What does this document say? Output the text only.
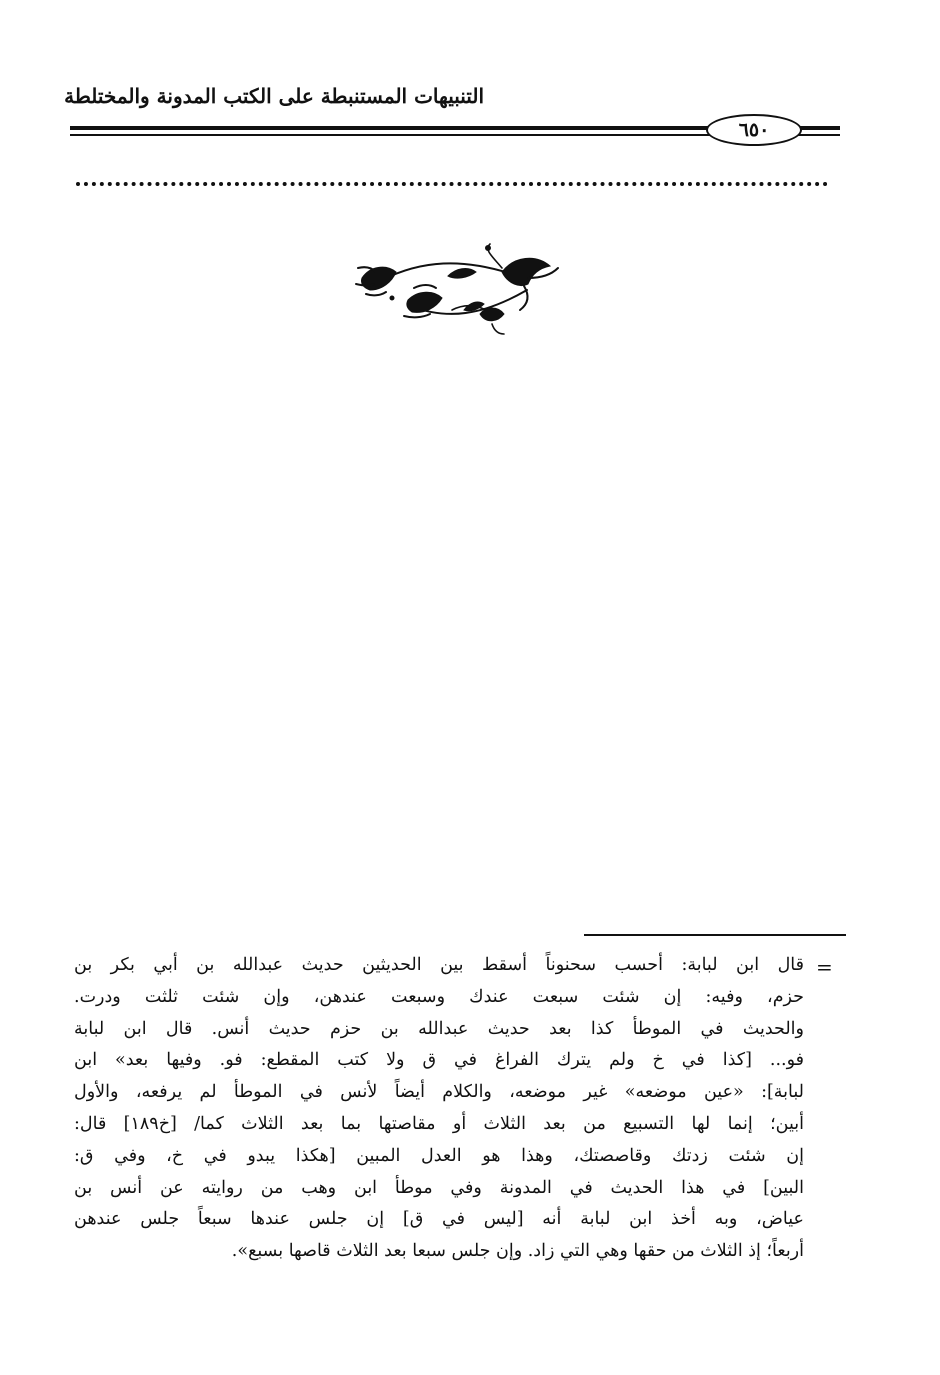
التنبيهات المستنبطة على الكتب المدونة والمختلطة
٦٥٠
=

قال ابن لبابة: أحسب سحنوناً أسقط بين الحديثين حديث عبدالله بن أبي بكر بن

حزم، وفيه: إن شئت سبعت عندك وسبعت عندهن، وإن شئت ثلثت ودرت.

والحديث في الموطأ كذا بعد حديث عبدالله بن حزم حديث أنس. قال ابن لبابة

فو... [كذا في خ ولم يترك الفراغ في ق ولا كتب المقطع: فو. وفيها بعد» ابن

لبابة]: «عين موضعه» غير موضعه، والكلام أيضاً لأنس في الموطأ لم يرفعه، والأول

أبين؛ إنما لها التسبيع من بعد الثلاث أو مقاصتها بما بعد الثلاث كما/ [خ١٨٩] قال:

إن شئت زدتك وقاصصتك، وهذا هو العدل المبين [هكذا يبدو في خ، وفي ق:

البين] في هذا الحديث في المدونة وفي موطأ ابن وهب من روايته عن أنس بن

عياض، وبه أخذ ابن لبابة أنه [ليس في ق] إن جلس عندها سبعاً جلس عندهن

أربعاً؛ إذ الثلاث من حقها وهي التي زاد. وإن جلس سبعا بعد الثلاث قاصها بسبع».
